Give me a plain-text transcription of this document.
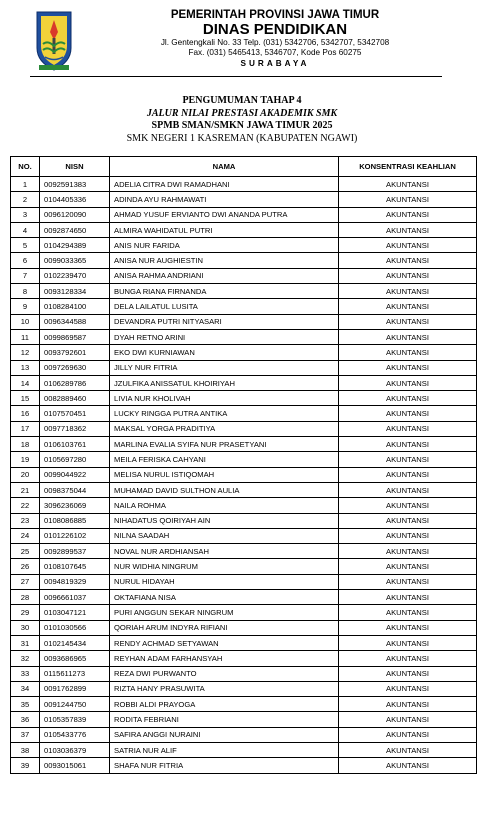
PEMERINTAH PROVINSI JAWA TIMUR
DINAS PENDIDIKAN
Jl. Gentengkali No. 33 Telp. (031) 5342706, 5342707, 5342708
Fax. (031) 5465413, 5346707, Kode Pos 60275
SURABAYA
PENGUMUMAN TAHAP 4
JALUR NILAI PRESTASI AKADEMIK SMK
SPMB SMAN/SMKN JAWA TIMUR 2025
SMK NEGERI 1 KASREMAN (KABUPATEN NGAWI)
NO.	NISN	NAMA	KONSENTRASI KEAHLIAN
1	0092591383	ADELIA CITRA DWI RAMADHANI	AKUNTANSI
2	0104405336	ADINDA AYU RAHMAWATI	AKUNTANSI
3	0096120090	AHMAD YUSUF ERVIANTO DWI ANANDA PUTRA	AKUNTANSI
4	0092874650	ALMIRA WAHIDATUL PUTRI	AKUNTANSI
5	0104294389	ANIS NUR FARIDA	AKUNTANSI
6	0099033365	ANISA NUR AUGHIESTIN	AKUNTANSI
7	0102239470	ANISA RAHMA ANDRIANI	AKUNTANSI
8	0093128334	BUNGA RIANA FIRNANDA	AKUNTANSI
9	0108284100	DELA LAILATUL LUSITA	AKUNTANSI
10	0096344588	DEVANDRA PUTRI NITYASARI	AKUNTANSI
11	0099869587	DYAH RETNO ARINI	AKUNTANSI
12	0093792601	EKO DWI KURNIAWAN	AKUNTANSI
13	0097269630	JILLY NUR FITRIA	AKUNTANSI
14	0106289786	JZULFIKA ANISSATUL KHOIRIYAH	AKUNTANSI
15	0082889460	LIVIA NUR KHOLIVAH	AKUNTANSI
16	0107570451	LUCKY RINGGA PUTRA ANTIKA	AKUNTANSI
17	0097718362	MAKSAL YORGA PRADITIYA	AKUNTANSI
18	0106103761	MARLINA EVALIA SYIFA NUR PRASETYANI	AKUNTANSI
19	0105697280	MEILA FERISKA CAHYANI	AKUNTANSI
20	0099044922	MELISA NURUL ISTIQOMAH	AKUNTANSI
21	0098375044	MUHAMAD DAVID SULTHON AULIA	AKUNTANSI
22	3096236069	NAILA ROHMA	AKUNTANSI
23	0108086885	NIHADATUS QOIRIYAH AIN	AKUNTANSI
24	0101226102	NILNA SAADAH	AKUNTANSI
25	0092899537	NOVAL NUR ARDHIANSAH	AKUNTANSI
26	0108107645	NUR WIDHIA NINGRUM	AKUNTANSI
27	0094819329	NURUL HIDAYAH	AKUNTANSI
28	0096661037	OKTAFIANA NISA	AKUNTANSI
29	0103047121	PURI ANGGUN SEKAR NINGRUM	AKUNTANSI
30	0101030566	QORIAH ARUM INDYRA RIFIANI	AKUNTANSI
31	0102145434	RENDY ACHMAD SETYAWAN	AKUNTANSI
32	0093686965	REYHAN ADAM FARHANSYAH	AKUNTANSI
33	0115611273	REZA DWI PURWANTO	AKUNTANSI
34	0091762899	RIZTA HANY PRASUWITA	AKUNTANSI
35	0091244750	ROBBI ALDI PRAYOGA	AKUNTANSI
36	0105357839	RODITA FEBRIANI	AKUNTANSI
37	0105433776	SAFIRA ANGGI NURAINI	AKUNTANSI
38	0103036379	SATRIA NUR ALIF	AKUNTANSI
39	0093015061	SHAFA NUR FITRIA	AKUNTANSI
